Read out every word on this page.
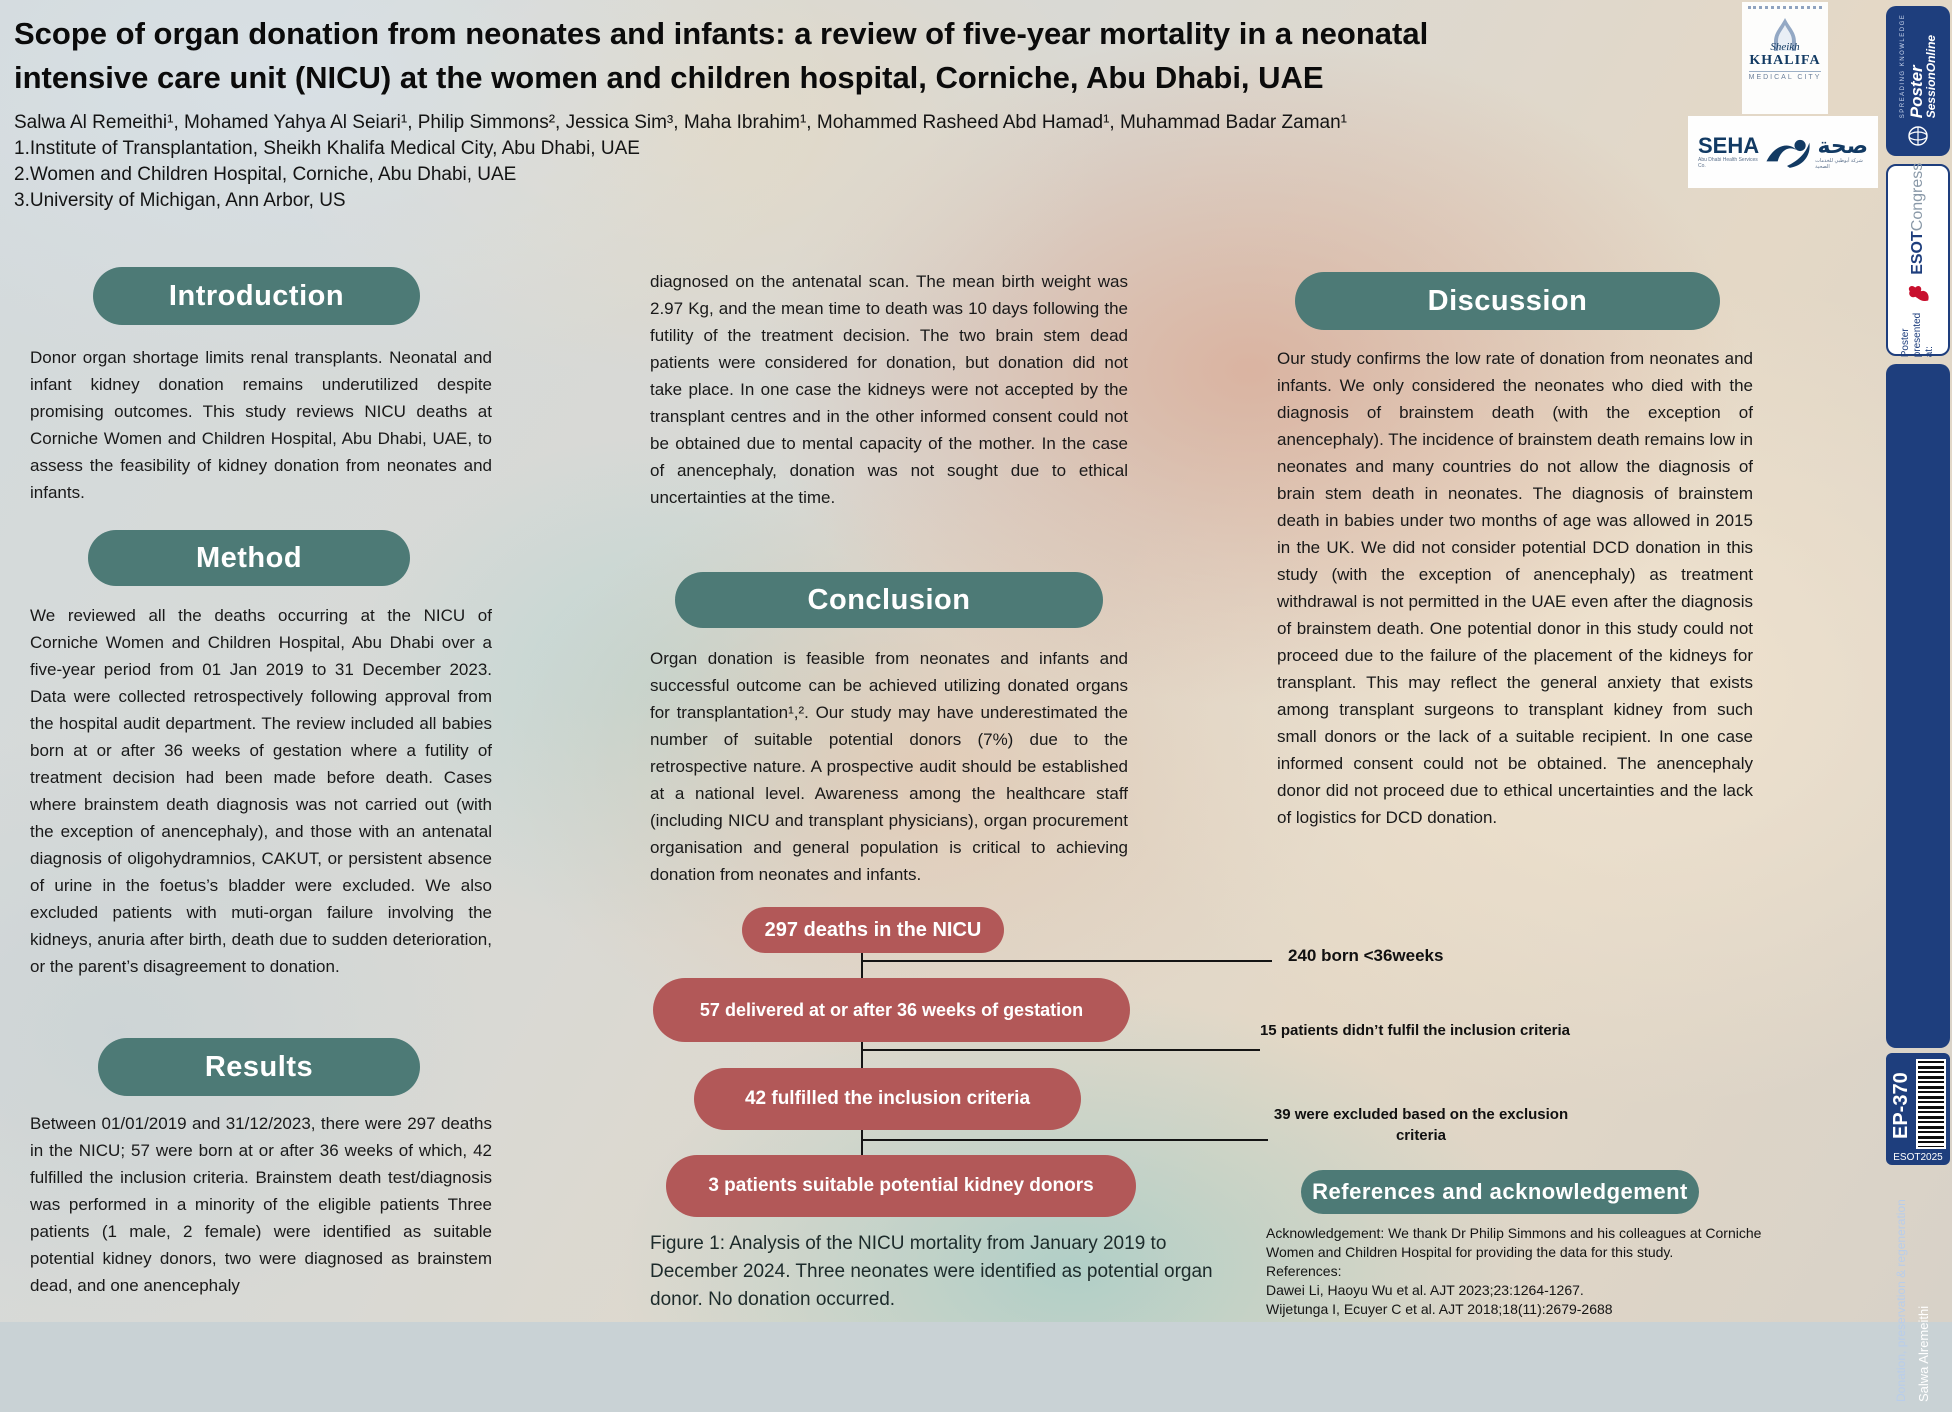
Scope of organ donation from neonates and infants: a review of five-year mortality in a neonatal
intensive care unit (NICU) at the women and children hospital, Corniche, Abu Dhabi, UAE
Salwa Al Remeithi¹, Mohamed Yahya Al Seiari¹, Philip Simmons², Jessica Sim³, Maha Ibrahim¹, Mohammed Rasheed Abd Hamad¹, Muhammad Badar Zaman¹
1.Institute of Transplantation, Sheikh Khalifa Medical City, Abu Dhabi, UAE
2.Women and Children Hospital, Corniche, Abu Dhabi, UAE
3.University of Michigan, Ann Arbor, US
Sheikh
KHALIFA
MEDICAL CITY
SEHA
Abu Dhabi Health Services Co.
صحة
شركة أبوظبي للخدمات الصحية
Introduction
Donor organ shortage limits renal transplants. Neonatal and infant kidney donation remains underutilized despite promising outcomes. This study reviews NICU deaths at Corniche Women and Children Hospital, Abu Dhabi, UAE, to assess the feasibility of kidney donation from neonates and infants.
Method
We reviewed all the deaths occurring at the NICU of Corniche Women and Children Hospital, Abu Dhabi over a five-year period from 01 Jan 2019 to 31 December 2023. Data were collected retrospectively following approval from the hospital audit department. The review included all babies born at or after 36 weeks of gestation where a futility of treatment decision had been made before death. Cases where brainstem death diagnosis was not carried out (with the exception of anencephaly), and those with an antenatal diagnosis of oligohydramnios, CAKUT, or persistent absence of urine in the foetus’s bladder were excluded. We also excluded patients with muti-organ failure involving the kidneys, anuria after birth, death due to sudden deterioration, or the parent’s disagreement to donation.
Results
Between 01/01/2019 and 31/12/2023, there were 297 deaths in the NICU; 57 were born at or after 36 weeks of which, 42 fulfilled the inclusion criteria. Brainstem death test/diagnosis was performed in a minority of the eligible patients Three patients (1 male, 2 female) were identified as suitable potential kidney donors, two were diagnosed as brainstem dead, and one anencephaly
diagnosed on the antenatal scan. The mean birth weight was 2.97 Kg, and the mean time to death was 10 days following the futility of the treatment decision. The two brain stem dead patients were considered for donation, but donation did not take place. In one case the kidneys were not accepted by the transplant centres and in the other informed consent could not be obtained due to mental capacity of the mother. In the case of anencephaly, donation was not sought due to ethical uncertainties at the time.
Conclusion
Organ donation is feasible from neonates and infants and successful outcome can be achieved utilizing donated organs for transplantation¹,². Our study may have underestimated the number of suitable potential donors (7%) due to the retrospective nature. A prospective audit should be established at a national level. Awareness among the healthcare staff (including NICU and transplant physicians), organ procurement organisation and general population is critical to achieving donation from neonates and infants.
297 deaths in the NICU
57 delivered at or after 36 weeks of gestation
42 fulfilled the inclusion criteria
3 patients suitable potential kidney donors
240 born <36weeks
15 patients didn’t fulfil the inclusion criteria
39 were excluded based on the exclusion criteria
Figure 1: Analysis of the NICU mortality from January 2019 to December 2024. Three neonates were identified as potential organ donor. No donation occurred.
Discussion
Our study confirms the low rate of donation from neonates and infants. We only considered the neonates who died with the diagnosis of brainstem death (with the exception of anencephaly). The incidence of brainstem death remains low in neonates and many countries do not allow the diagnosis of brain stem death in neonates. The diagnosis of brainstem death in babies under two months of age was allowed in 2015 in the UK. We did not consider potential DCD donation in this study (with the exception of anencephaly) as treatment withdrawal is not permitted in the UAE even after the diagnosis of brainstem death. One potential donor in this study could not proceed due to the failure of the placement of the kidneys for transplant. This may reflect the general anxiety that exists among transplant surgeons to transplant kidney from such small donors or the lack of a suitable recipient. In one case informed consent could not be obtained. The anencephaly donor did not proceed due to ethical uncertainties and the lack of logistics for DCD donation.
References and acknowledgement
Acknowledgement: We thank Dr Philip Simmons and his colleagues at Corniche Women and Children Hospital for providing the data for this study.
References:
Dawei Li, Haoyu Wu et al. AJT 2023;23:1264-1267.
Wijetunga I, Ecuyer C et al. AJT 2018;18(11):2679-2688
SPREADING KNOWLEDGE Poster
SessionOnline
Poster presented at:
ESOTCongress
Donation, preservation & regeneration Salwa Alremeithi
EP-370
ESOT2025
